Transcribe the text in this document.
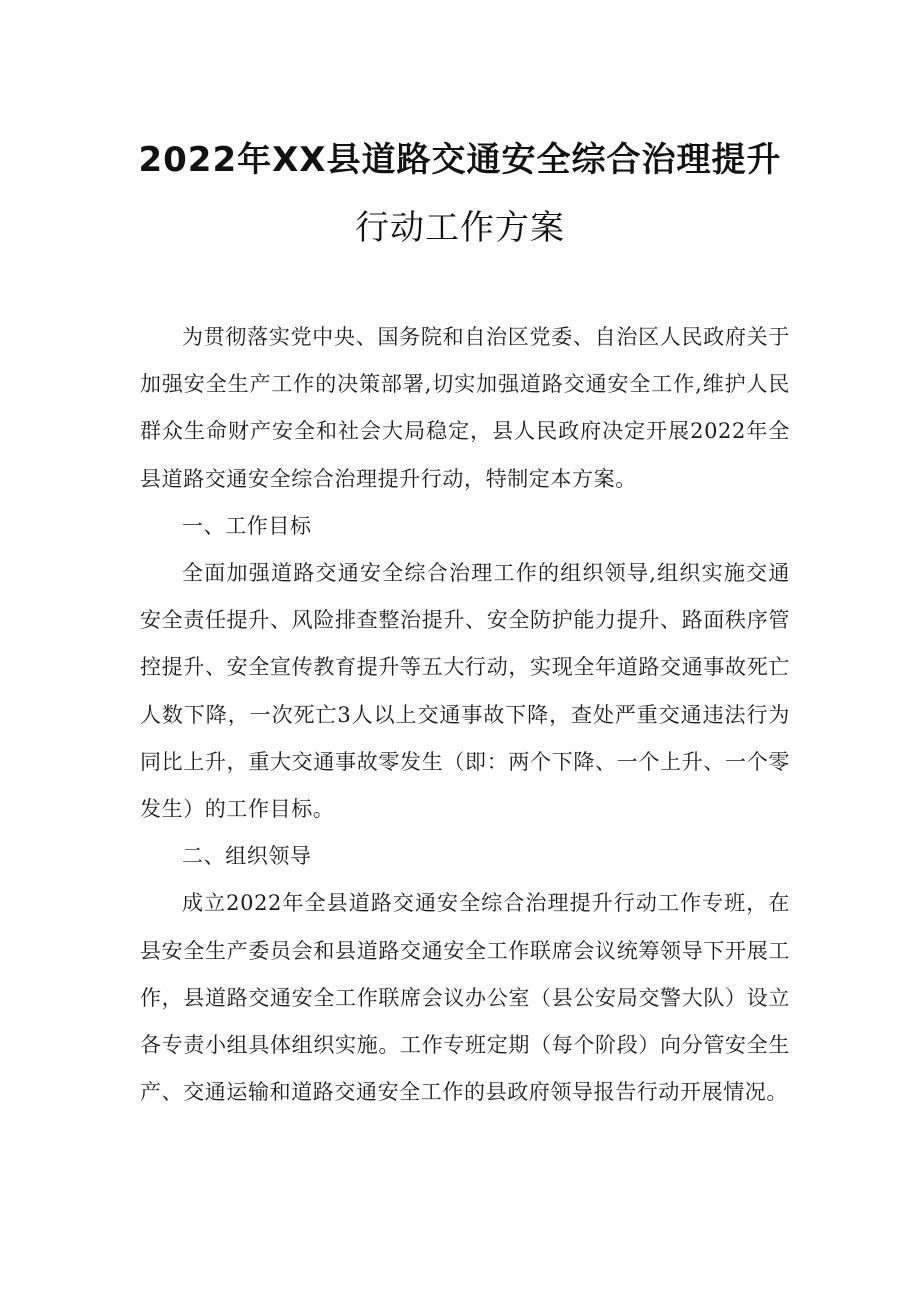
2022年XX县道路交通安全综合治理提升
行动工作方案

为贯彻落实党中央、国务院和自治区党委、自治区人民政府关于加强安全生产工作的决策部署,切实加强道路交通安全工作,维护人民群众生命财产安全和社会大局稳定，县人民政府决定开展2022年全县道路交通安全综合治理提升行动，特制定本方案。

一、工作目标

全面加强道路交通安全综合治理工作的组织领导,组织实施交通安全责任提升、风险排查整治提升、安全防护能力提升、路面秩序管控提升、安全宣传教育提升等五大行动，实现全年道路交通事故死亡人数下降，一次死亡3人以上交通事故下降，查处严重交通违法行为同比上升，重大交通事故零发生（即：两个下降、一个上升、一个零发生）的工作目标。

二、组织领导

成立2022年全县道路交通安全综合治理提升行动工作专班，在县安全生产委员会和县道路交通安全工作联席会议统筹领导下开展工作，县道路交通安全工作联席会议办公室（县公安局交警大队）设立各专责小组具体组织实施。工作专班定期（每个阶段）向分管安全生产、交通运输和道路交通安全工作的县政府领导报告行动开展情况。
